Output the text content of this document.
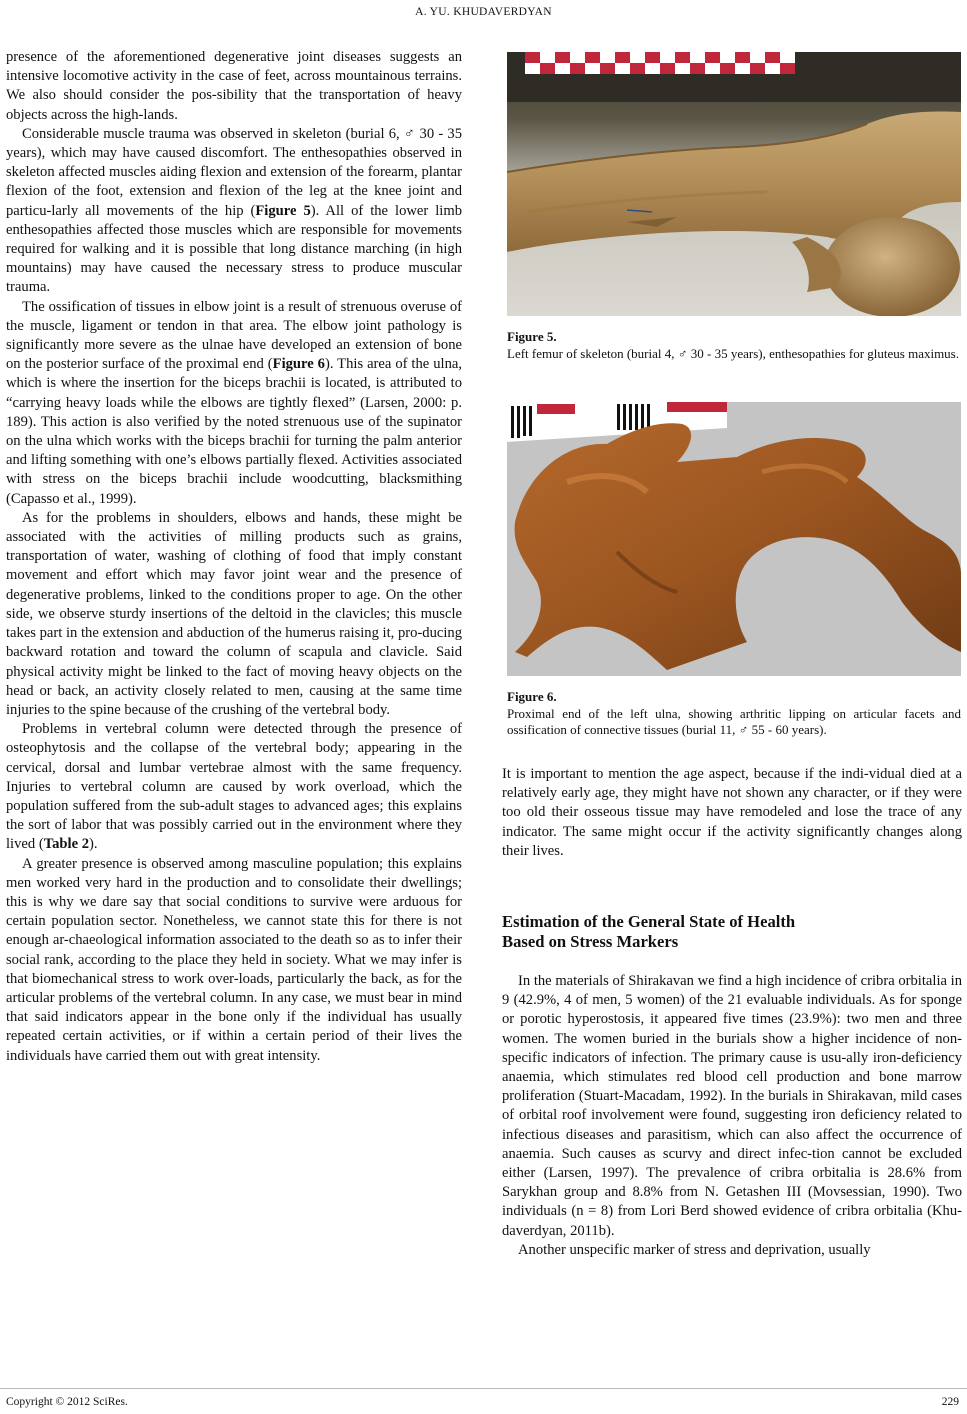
A. YU. KHUDAVERDYAN

presence of the aforementioned degenerative joint diseases suggests an intensive locomotive activity in the case of feet, across mountainous terrains. We also should consider the pos-sibility that the transportation of heavy objects across the high-lands.

Considerable muscle trauma was observed in skeleton (burial 6, ♂ 30 - 35 years), which may have caused discomfort. The enthesopathies observed in skeleton affected muscles aiding flexion and extension of the forearm, plantar flexion of the foot, extension and flexion of the leg at the knee joint and particu-larly all movements of the hip (Figure 5). All of the lower limb enthesopathies affected those muscles which are responsible for movements required for walking and it is possible that long distance marching (in high mountains) may have caused the necessary stress to produce muscular trauma.

The ossification of tissues in elbow joint is a result of strenuous overuse of the muscle, ligament or tendon in that area. The elbow joint pathology is significantly more severe as the ulnae have developed an extension of bone on the posterior surface of the proximal end (Figure 6). This area of the ulna, which is where the insertion for the biceps brachii is located, is attributed to “carrying heavy loads while the elbows are tightly flexed” (Larsen, 2000: p. 189). This action is also verified by the noted strenuous use of the supinator on the ulna which works with the biceps brachii for turning the palm anterior and lifting something with one’s elbows partially flexed. Activities associated with stress on the biceps brachii include woodcutting, blacksmithing (Capasso et al., 1999).

As for the problems in shoulders, elbows and hands, these might be associated with the activities of milling products such as grains, transportation of water, washing of clothing of food that imply constant movement and effort which may favor joint wear and the presence of degenerative problems, linked to the conditions proper to age. On the other side, we observe sturdy insertions of the deltoid in the clavicles; this muscle takes part in the extension and abduction of the humerus raising it, pro-ducing backward rotation and toward the column of scapula and clavicle. Said physical activity might be linked to the fact of moving heavy objects on the head or back, an activity closely related to men, causing at the same time injuries to the spine because of the crushing of the vertebral body.

Problems in vertebral column were detected through the presence of osteophytosis and the collapse of the vertebral body; appearing in the cervical, dorsal and lumbar vertebrae almost with the same frequency. Injuries to vertebral column are caused by work overload, which the population suffered from the sub-adult stages to advanced ages; this explains the sort of labor that was possibly carried out in the environment where they lived (Table 2).

A greater presence is observed among masculine population; this explains men worked very hard in the production and to consolidate their dwellings; this is why we dare say that social conditions to survive were arduous for certain population sector. Nonetheless, we cannot state this for there is not enough ar-chaeological information associated to the death so as to infer their social rank, according to the place they held in society. What we may infer is that biomechanical stress to work over-loads, particularly the back, as for the articular problems of the vertebral column. In any case, we must bear in mind that said indicators appear in the bone only if the individual has usually repeated certain activities, or if within a certain period of their lives the individuals have carried them out with great intensity.

Figure 5.
Left femur of skeleton (burial 4, ♂ 30 - 35 years), enthesopathies for gluteus maximus.
Figure 6.
Proximal end of the left ulna, showing arthritic lipping on articular facets and ossification of connective tissues (burial 11, ♂ 55 - 60 years).

It is important to mention the age aspect, because if the indi-vidual died at a relatively early age, they might have not shown any character, or if they were too old their osseous tissue may have remodeled and lose the trace of any indicator. The same might occur if the activity significantly changes along their lives.

Estimation of the General State of Health
Based on Stress Markers

In the materials of Shirakavan we find a high incidence of cribra orbitalia in 9 (42.9%, 4 of men, 5 women) of the 21 evaluable individuals. As for sponge or porotic hyperostosis, it appeared five times (23.9%): two men and three women. The women buried in the burials show a higher incidence of non-specific indicators of infection. The primary cause is usu-ally iron-deficiency anaemia, which stimulates red blood cell production and bone marrow proliferation (Stuart-Macadam, 1992). In the burials in Shirakavan, mild cases of orbital roof involvement were found, suggesting iron deficiency related to infectious diseases and parasitism, which can also affect the occurrence of anaemia. Such causes as scurvy and direct infec-tion cannot be excluded either (Larsen, 1997). The prevalence of cribra orbitalia is 28.6% from Sarykhan group and 8.8% from N. Getashen III (Movsessian, 1990). Two individuals (n = 8) from Lori Berd showed evidence of cribra orbitalia (Khu-daverdyan, 2011b).

Another unspecific marker of stress and deprivation, usually

Copyright © 2012 SciRes.	229
